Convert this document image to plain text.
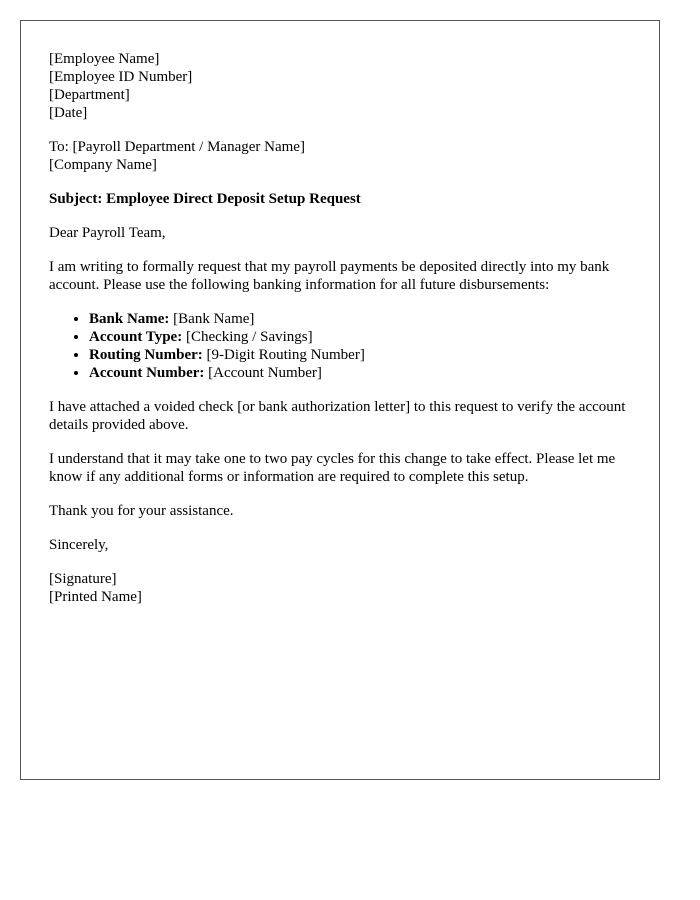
[Employee Name]
[Employee ID Number]
[Department]
[Date]
To: [Payroll Department / Manager Name]
[Company Name]
Subject: Employee Direct Deposit Setup Request

Dear Payroll Team,

I am writing to formally request that my payroll payments be deposited directly into my bank account. Please use the following banking information for all future disbursements:

• Bank Name: [Bank Name]
• Account Type: [Checking / Savings]
• Routing Number: [9-Digit Routing Number]
• Account Number: [Account Number]

I have attached a voided check [or bank authorization letter] to this request to verify the account details provided above.

I understand that it may take one to two pay cycles for this change to take effect. Please let me know if any additional forms or information are required to complete this setup.

Thank you for your assistance.

Sincerely,

[Signature]
[Printed Name]
